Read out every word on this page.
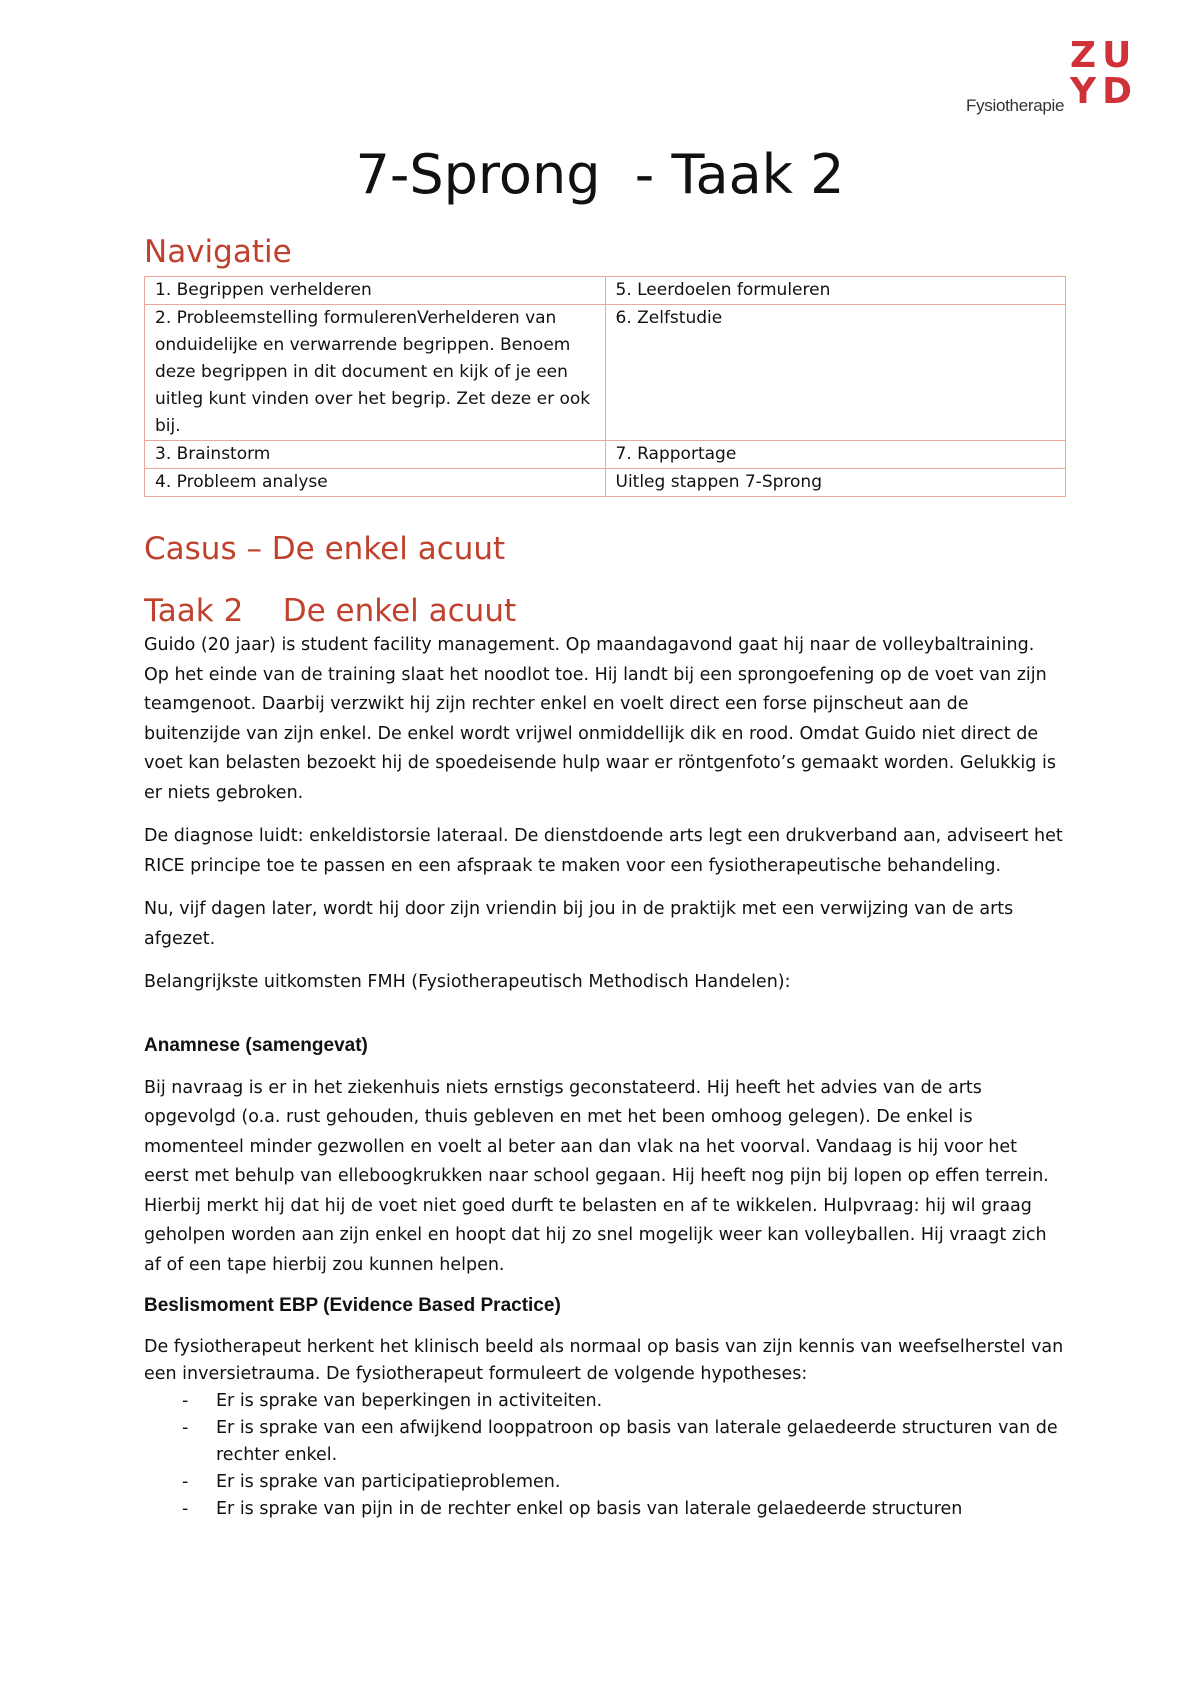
Fysiotherapie
ZU
YD
7-Sprong  - Taak 2
Navigatie
1. Begrippen verhelderen	5. Leerdoelen formuleren
2. Probleemstelling formulerenVerhelderen van onduidelijke en verwarrende begrippen. Benoem deze begrippen in dit document en kijk of je een uitleg kunt vinden over het begrip. Zet deze er ook bij.	6. Zelfstudie
3. Brainstorm	7. Rapportage
4. Probleem analyse	Uitleg stappen 7-Sprong
Casus – De enkel acuut
Taak 2    De enkel acuut

Guido (20 jaar) is student facility management. Op maandagavond gaat hij naar de volleybaltraining. Op het einde van de training slaat het noodlot toe. Hij landt bij een sprongoefening op de voet van zijn teamgenoot. Daarbij verzwikt hij zijn rechter enkel en voelt direct een forse pijnscheut aan de buitenzijde van zijn enkel. De enkel wordt vrijwel onmiddellijk dik en rood. Omdat Guido niet direct de voet kan belasten bezoekt hij de spoedeisende hulp waar er röntgenfoto’s gemaakt worden. Gelukkig is er niets gebroken.

De diagnose luidt: enkeldistorsie lateraal. De dienstdoende arts legt een drukverband aan, adviseert het RICE principe toe te passen en een afspraak te maken voor een fysiotherapeutische behandeling.

Nu, vijf dagen later, wordt hij door zijn vriendin bij jou in de praktijk met een verwijzing van de arts afgezet.

Belangrijkste uitkomsten FMH (Fysiotherapeutisch Methodisch Handelen):

Anamnese (samengevat)

Bij navraag is er in het ziekenhuis niets ernstigs geconstateerd. Hij heeft het advies van de arts opgevolgd (o.a. rust gehouden, thuis gebleven en met het been omhoog gelegen). De enkel is momenteel minder gezwollen en voelt al beter aan dan vlak na het voorval. Vandaag is hij voor het eerst met behulp van elleboogkrukken naar school gegaan. Hij heeft nog pijn bij lopen op effen terrein. Hierbij merkt hij dat hij de voet niet goed durft te belasten en af te wikkelen. Hulpvraag: hij wil graag geholpen worden aan zijn enkel en hoopt dat hij zo snel mogelijk weer kan volleyballen. Hij vraagt zich af of een tape hierbij zou kunnen helpen.

Beslismoment EBP (Evidence Based Practice)

De fysiotherapeut herkent het klinisch beeld als normaal op basis van zijn kennis van weefselherstel van een inversietrauma. De fysiotherapeut formuleert de volgende hypotheses:

- Er is sprake van beperkingen in activiteiten.
- Er is sprake van een afwijkend looppatroon op basis van laterale gelaedeerde structuren van de rechter enkel.
- Er is sprake van participatieproblemen.
- Er is sprake van pijn in de rechter enkel op basis van laterale gelaedeerde structuren
